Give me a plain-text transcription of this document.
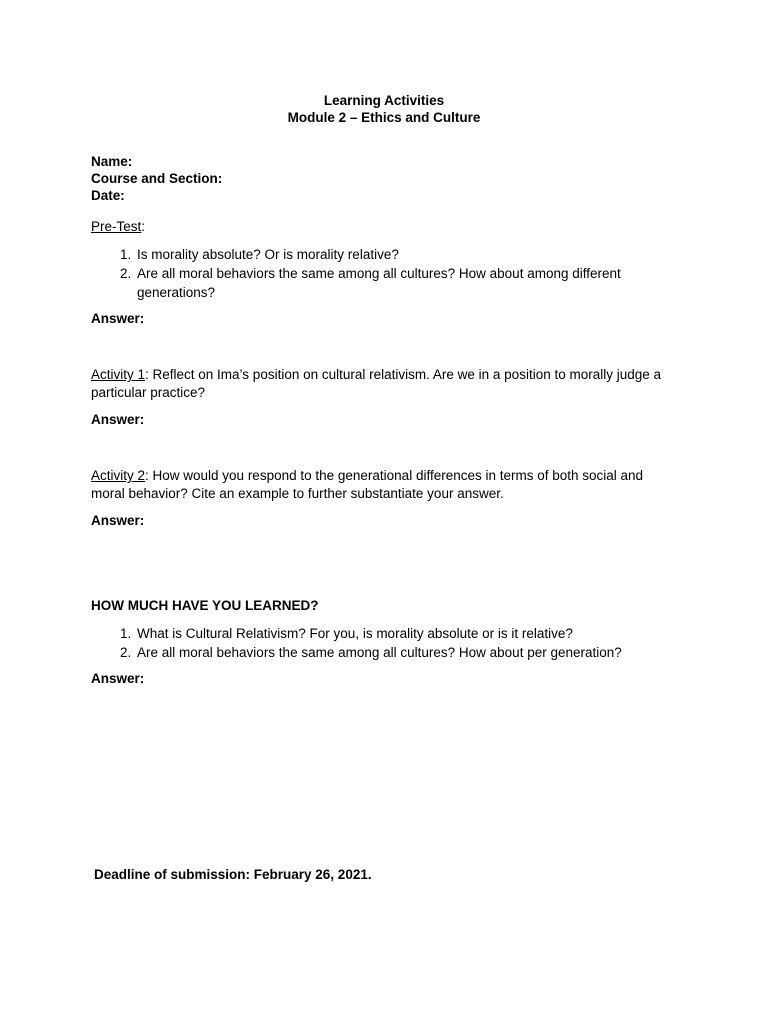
Learning Activities
Module 2 – Ethics and Culture
Name:
Course and Section:
Date:
Pre-Test:
1. Is morality absolute? Or is morality relative?
2. Are all moral behaviors the same among all cultures? How about among different generations?
Answer:
Activity 1: Reflect on Ima’s position on cultural relativism. Are we in a position to morally judge a particular practice?
Answer:
Activity 2: How would you respond to the generational differences in terms of both social and moral behavior? Cite an example to further substantiate your answer.
Answer:
HOW MUCH HAVE YOU LEARNED?
1. What is Cultural Relativism? For you, is morality absolute or is it relative?
2. Are all moral behaviors the same among all cultures? How about per generation?
Answer:
Deadline of submission: February 26, 2021.
